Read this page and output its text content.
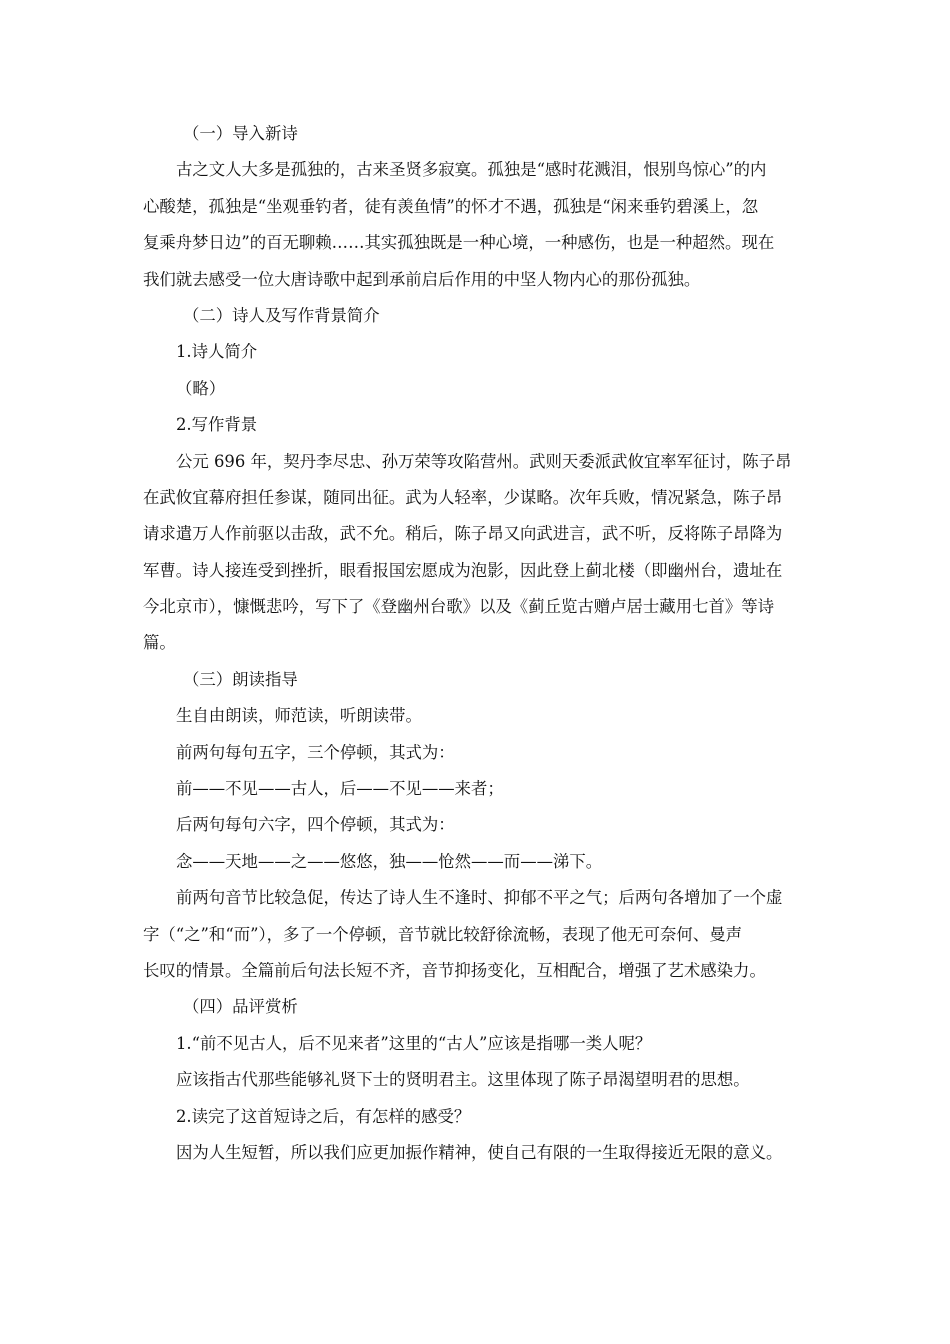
（一）导入新诗
古之文人大多是孤独的，古来圣贤多寂寞。孤独是“感时花溅泪，恨别鸟惊心”的内
心酸楚，孤独是“坐观垂钓者，徒有羡鱼情”的怀才不遇，孤独是“闲来垂钓碧溪上，忽
复乘舟梦日边”的百无聊赖……其实孤独既是一种心境，一种感伤，也是一种超然。现在
我们就去感受一位大唐诗歌中起到承前启后作用的中坚人物内心的那份孤独。
（二）诗人及写作背景简介
1.诗人简介
（略）
2.写作背景
公元 696 年，契丹李尽忠、孙万荣等攻陷营州。武则天委派武攸宜率军征讨，陈子昂
在武攸宜幕府担任参谋，随同出征。武为人轻率，少谋略。次年兵败，情况紧急，陈子昂
请求遣万人作前驱以击敌，武不允。稍后，陈子昂又向武进言，武不听，反将陈子昂降为
军曹。诗人接连受到挫折，眼看报国宏愿成为泡影，因此登上蓟北楼（即幽州台，遗址在
今北京市），慷慨悲吟，写下了《登幽州台歌》以及《蓟丘览古赠卢居士藏用七首》等诗
篇。
（三）朗读指导
生自由朗读，师范读，听朗读带。
前两句每句五字，三个停顿，其式为：
前——不见——古人，后——不见——来者；
后两句每句六字，四个停顿，其式为：
念——天地——之——悠悠，独——怆然——而——涕下。
前两句音节比较急促，传达了诗人生不逢时、抑郁不平之气；后两句各增加了一个虚
字（“之”和“而”），多了一个停顿，音节就比较舒徐流畅，表现了他无可奈何、曼声
长叹的情景。全篇前后句法长短不齐，音节抑扬变化，互相配合，增强了艺术感染力。
（四）品评赏析
1.“前不见古人，后不见来者”这里的“古人”应该是指哪一类人呢？
应该指古代那些能够礼贤下士的贤明君主。这里体现了陈子昂渴望明君的思想。
2.读完了这首短诗之后，有怎样的感受？
因为人生短暂，所以我们应更加振作精神，使自己有限的一生取得接近无限的意义。
